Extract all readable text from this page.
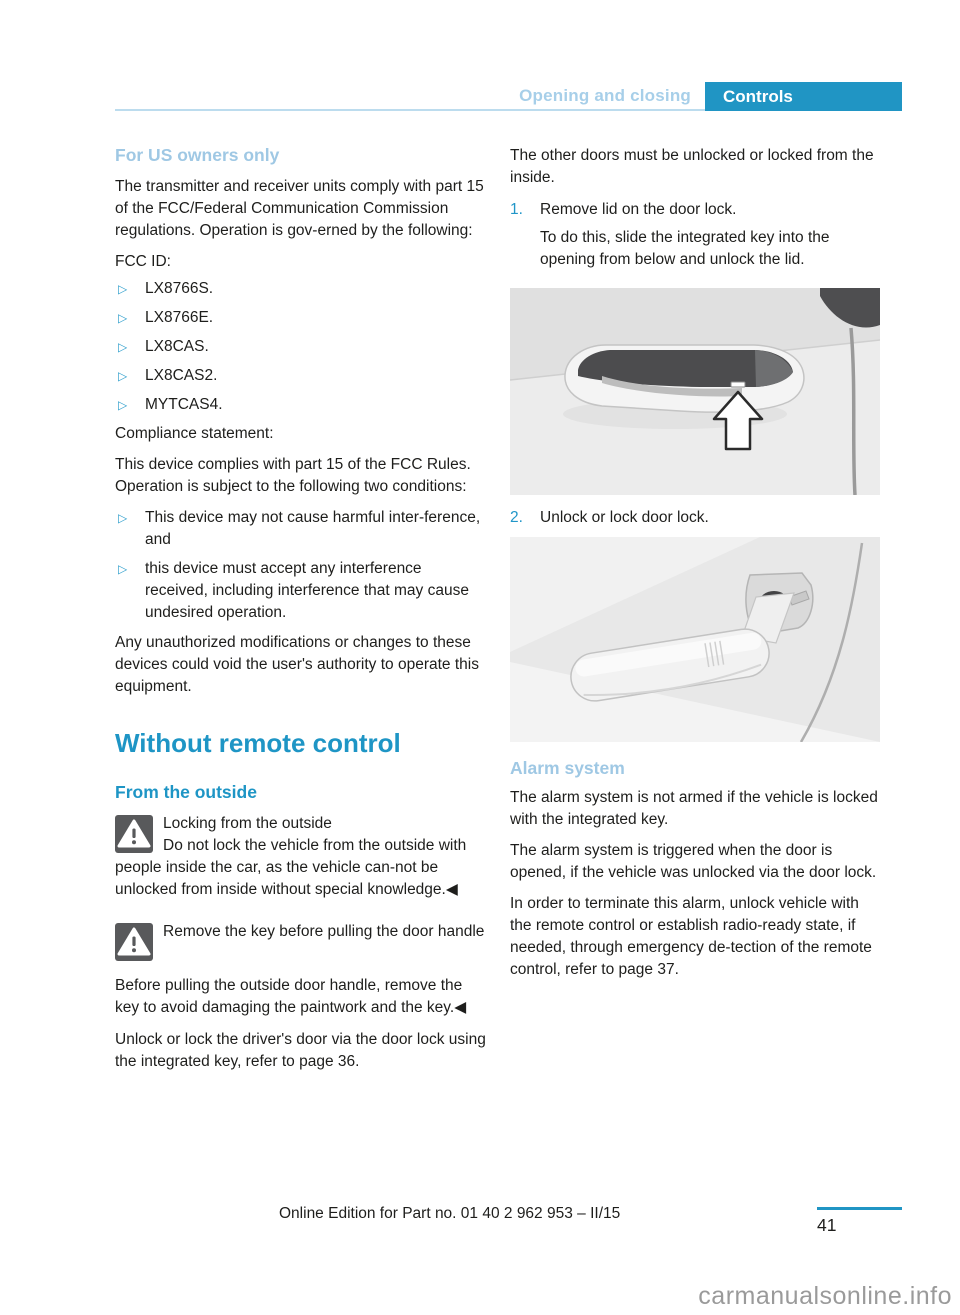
Opening and closing Controls
For US owners only

The transmitter and receiver units comply with part 15 of the FCC/Federal Communication Commission regulations. Operation is gov-erned by the following:

FCC ID:

▷ LX8766S.
▷ LX8766E.
▷ LX8CAS.
▷ LX8CAS2.
▷ MYTCAS4.

Compliance statement:

This device complies with part 15 of the FCC Rules. Operation is subject to the following two conditions:

▷ This device may not cause harmful inter-ference, and
▷ this device must accept any interference received, including interference that may cause undesired operation.

Any unauthorized modifications or changes to these devices could void the user's authority to operate this equipment.

Without remote control
From the outside

Locking from the outside

Do not lock the vehicle from the outside with people inside the car, as the vehicle can-not be unlocked from inside without special knowledge.◀

Remove the key before pulling the door handle

Before pulling the outside door handle, remove the key to avoid damaging the paintwork and the key.◀

Unlock or lock the driver's door via the door lock using the integrated key, refer to page 36.

The other doors must be unlocked or locked from the inside.

1. Remove lid on the door lock.

To do this, slide the integrated key into the opening from below and unlock the lid.

2. Unlock or lock door lock.
Alarm system

The alarm system is not armed if the vehicle is locked with the integrated key.

The alarm system is triggered when the door is opened, if the vehicle was unlocked via the door lock.

In order to terminate this alarm, unlock vehicle with the remote control or establish radio-ready state, if needed, through emergency de-tection of the remote control, refer to page 37.

Online Edition for Part no. 01 40 2 962 953 – II/15
41
carmanualsonline.info
